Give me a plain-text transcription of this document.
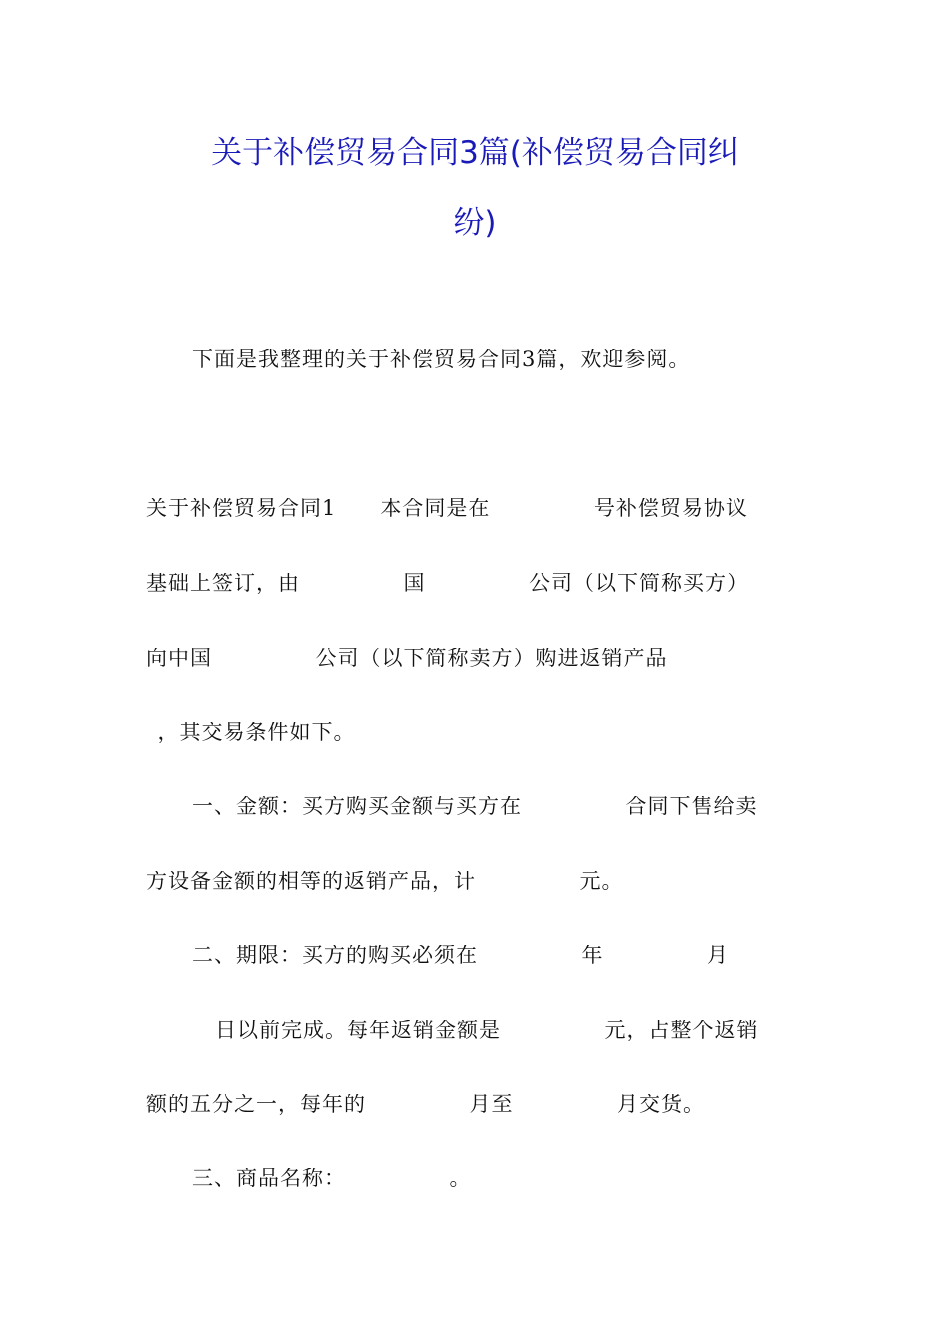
关于补偿贸易合同3篇(补偿贸易合同纠
纷)
下面是我整理的关于补偿贸易合同3篇，欢迎参阅。
关于补偿贸易合同1　　本合同是在_________号补偿贸易协议
基础上签订，由_________国_________公司（以下简称买方）
向中国_________公司（以下简称卖方）购进返销产品________
_，其交易条件如下。
一、金额：买方购买金额与买方在_________合同下售给卖
方设备金额的相等的返销产品，计_________元。
二、期限：买方的购买必须在_________年_________月___
______日以前完成。每年返销金额是_________元，占整个返销
额的五分之一，每年的_________月至_________月交货。
三、商品名称：_________。
